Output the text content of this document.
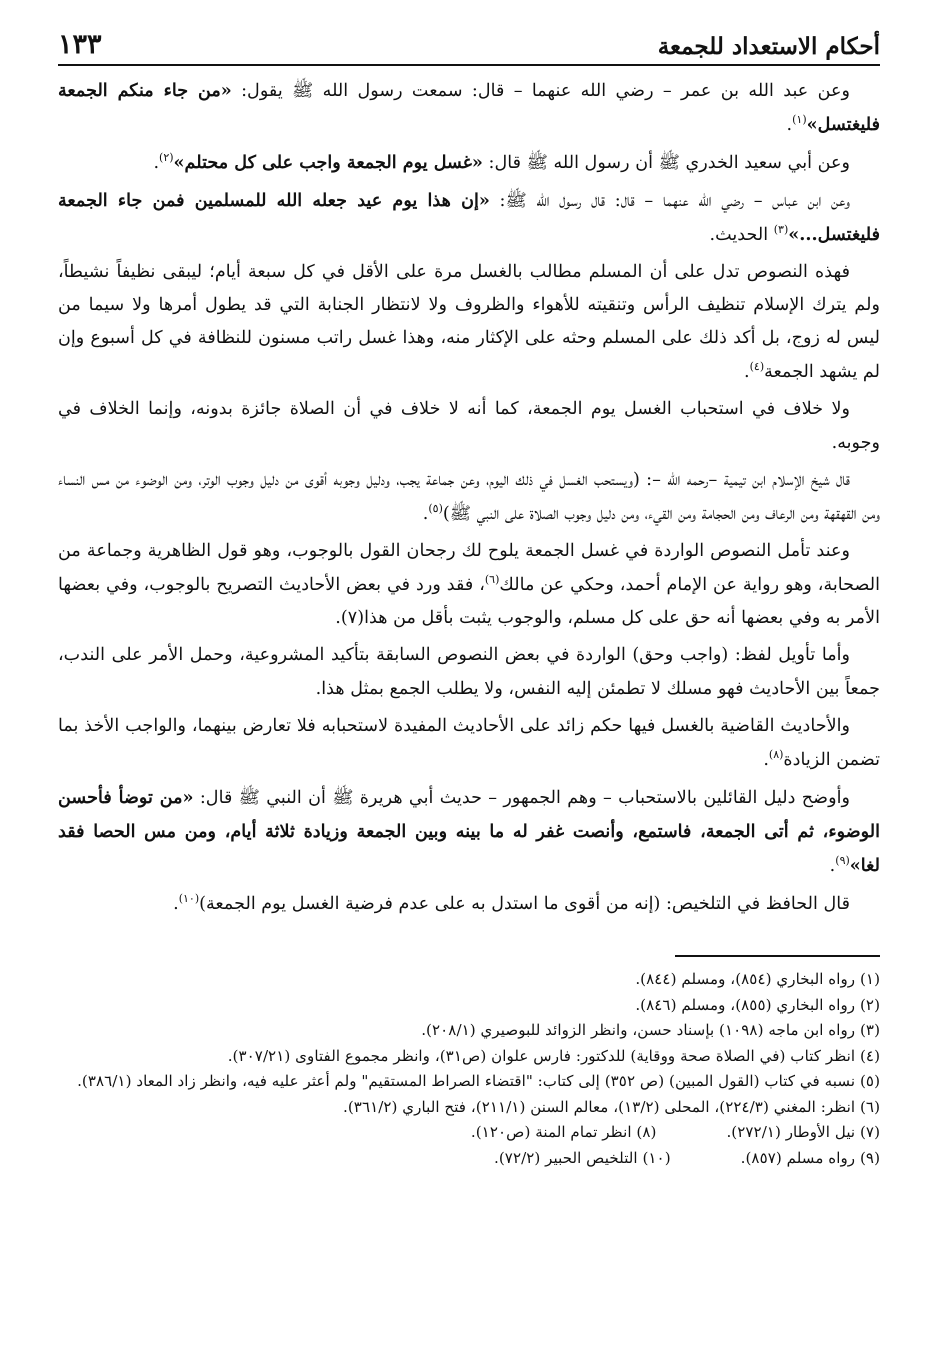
أحكام الاستعداد للجمعة
١٣٣

وعن عبد الله بن عمر – رضي الله عنهما – قال: سمعت رسول الله ﷺ يقول: «من جاء منكم الجمعة فليغتسل»$^{(١)}$.

وعن أبي سعيد الخدري ﷺ أن رسول الله ﷺ قال: «غسل يوم الجمعة واجب على كل محتلم»$^{(٢)}$.

وعن ابن عباس – رضي الله عنهما – قال: قال رسول الله ﷺ: «إن هذا يوم عيد جعله الله للمسلمين فمن جاء الجمعة فليغتسل...»$^{(٣)}$ الحديث.

فهذه النصوص تدل على أن المسلم مطالب بالغسل مرة على الأقل في كل سبعة أيام؛ ليبقى نظيفاً نشيطاً، ولم يترك الإسلام تنظيف الرأس وتنقيته للأهواء والظروف ولا لانتظار الجنابة التي قد يطول أمرها ولا سيما من ليس له زوج، بل أكد ذلك على المسلم وحثه على الإكثار منه، وهذا غسل راتب مسنون للنظافة في كل أسبوع وإن لم يشهد الجمعة$^{(٤)}$.

ولا خلاف في استحباب الغسل يوم الجمعة، كما أنه لا خلاف في أن الصلاة جائزة بدونه، وإنما الخلاف في وجوبه.

قال شيخ الإسلام ابن تيمية –رحمه الله –: (ويستحب الغسل في ذلك اليوم، وعن جماعة يجب، ودليل وجوبه أقوى من دليل وجوب الوتر، ومن الوضوء من مس النساء ومن القهقهة ومن الرعاف ومن الحجامة ومن القيء، ومن دليل وجوب الصلاة على النبي ﷺ)$^{(٥)}$.

وعند تأمل النصوص الواردة في غسل الجمعة يلوح لك رجحان القول بالوجوب، وهو قول الظاهرية وجماعة من الصحابة، وهو رواية عن الإمام أحمد، وحكي عن مالك$^{(٦)}$، فقد ورد في بعض الأحاديث التصريح بالوجوب، وفي بعضها الأمر به وفي بعضها أنه حق على كل مسلم، والوجوب يثبت بأقل من هذا(٧).

وأما تأويل لفظ: (واجب وحق) الواردة في بعض النصوص السابقة بتأكيد المشروعية، وحمل الأمر على الندب، جمعاً بين الأحاديث فهو مسلك لا تطمئن إليه النفس، ولا يطلب الجمع بمثل هذا.

والأحاديث القاضية بالغسل فيها حكم زائد على الأحاديث المفيدة لاستحبابه فلا تعارض بينهما، والواجب الأخذ بما تضمن الزيادة$^{(٨)}$.

وأوضح دليل القائلين بالاستحباب – وهم الجمهور – حديث أبي هريرة ﷺ أن النبي ﷺ قال: «من توضأ فأحسن الوضوء، ثم أتى الجمعة، فاستمع، وأنصت غفر له ما بينه وبين الجمعة وزيادة ثلاثة أيام، ومن مس الحصا فقد لغا»$^{(٩)}$.

قال الحافظ في التلخيص: (إنه من أقوى ما استدل به على عدم فرضية الغسل يوم الجمعة)$^{(١٠)}$.

(١) رواه البخاري (٨٥٤)، ومسلم (٨٤٤).

(٢) رواه البخاري (٨٥٥)، ومسلم (٨٤٦).

(٣) رواه ابن ماجه (١٠٩٨) بإسناد حسن، وانظر الزوائد للبوصيري (٢٠٨/١).

(٤) انظر كتاب (في الصلاة صحة ووقاية) للدكتور: فارس علوان (ص٣١)، وانظر مجموع الفتاوى (٣٠٧/٢١).

(٥) نسبه في كتاب (القول المبين) (ص ٣٥٢) إلى كتاب: "اقتضاء الصراط المستقيم" ولم أعثر عليه فيه، وانظر زاد المعاد (٣٨٦/١).

(٦) انظر: المغني (٢٢٤/٣)، المحلى (١٣/٢)، معالم السنن (٢١١/١)، فتح الباري (٣٦١/٢).

(٧) نيل الأوطار (٢٧٢/١).
(٨) انظر تمام المنة (ص١٢٠).
(٩) رواه مسلم (٨٥٧).
(١٠) التلخيص الحبير (٧٢/٢).
